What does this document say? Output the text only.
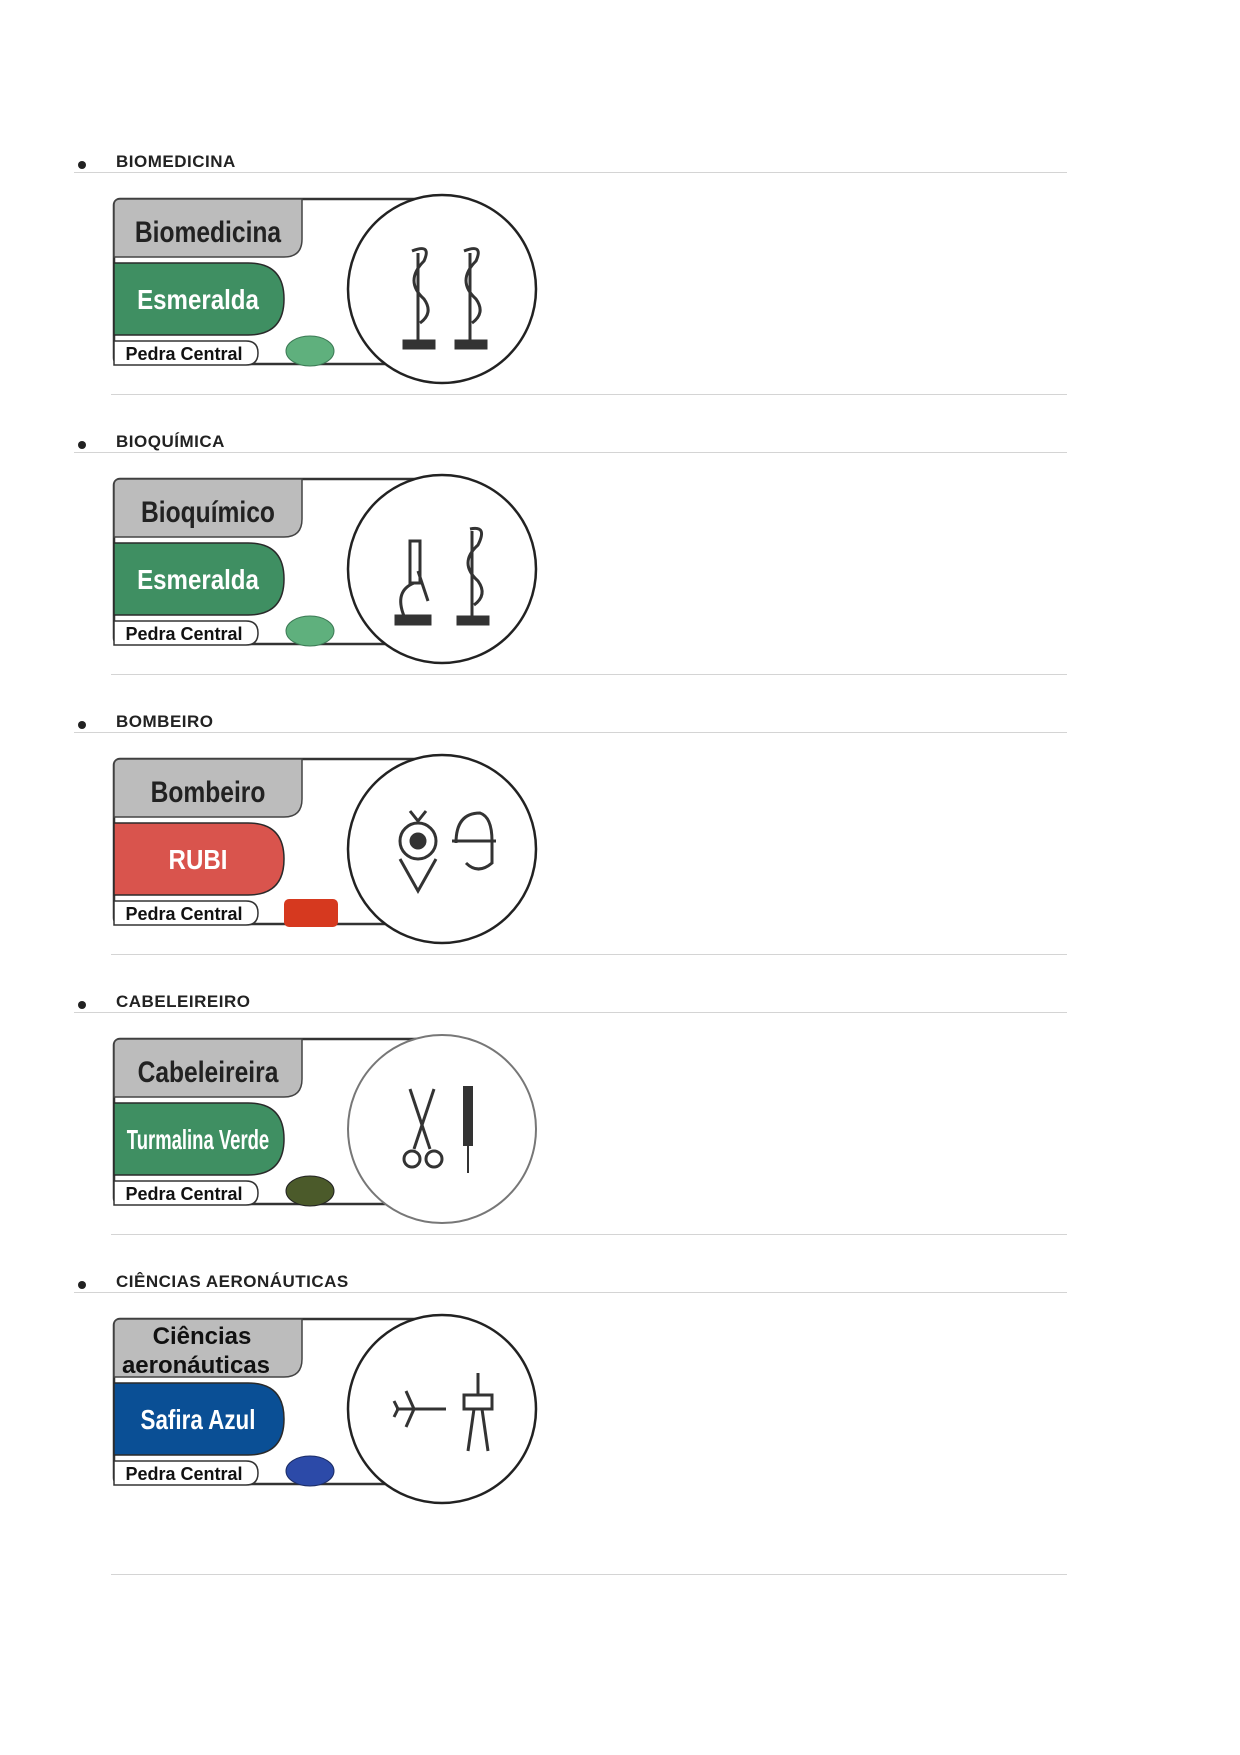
BIOMEDICINA
Biomedicina
Esmeralda
Pedra Central
BIOQUÍMICA
Bioquímico
Esmeralda
Pedra Central
BOMBEIRO
Bombeiro
RUBI
Pedra Central
CABELEIREIRO
Cabeleireira
Turmalina Verde
Pedra Central
CIÊNCIAS AERONÁUTICAS
Ciências
aeronáuticas
Safira Azul
Pedra Central
